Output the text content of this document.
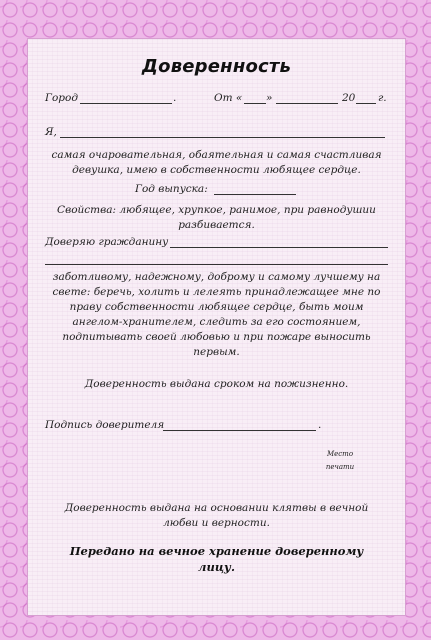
Доверенность
Город	.	От « »	20 г.
Я,
самая очаровательная, обаятельная и самая счастливая
девушка, имею в собственности любящее сердце.
Год выпуска:
Свойства: любящее, хрупкое, ранимое, при равнодушии
разбивается.
Доверяю гражданину
заботливому, надежному, доброму и самому лучшему на
свете: беречь, холить и лелеять принадлежащее мне по
праву собственности любящее сердце, быть моим
ангелом-хранителем, следить за его состоянием,
подпитывать своей любовью и при пожаре выносить
первым.
Доверенность выдана сроком на пожизненно.
Подпись доверителя	.
Место
печати
Доверенность выдана на основании клятвы в вечной
любви и верности.
Передано на вечное хранение доверенному
лицу.
